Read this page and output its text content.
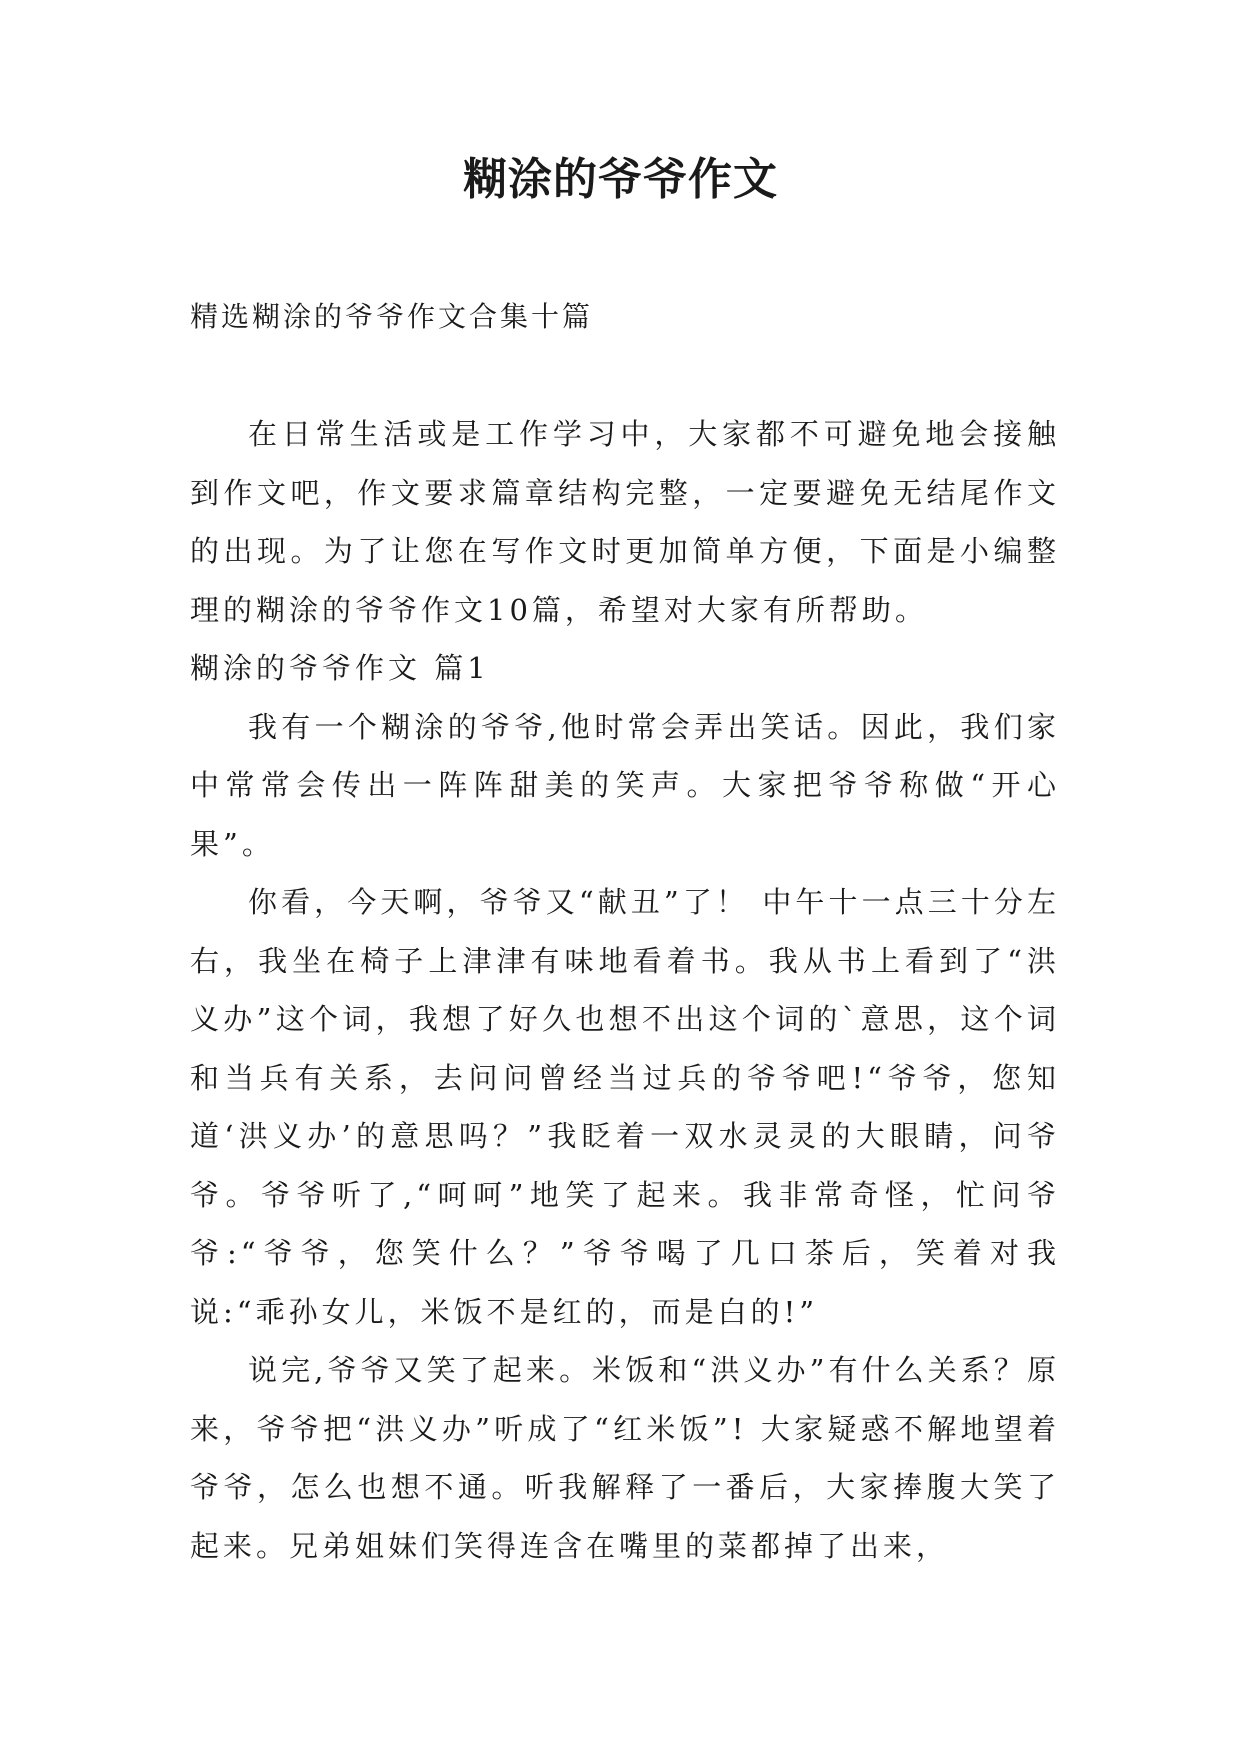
糊涂的爷爷作文
精选糊涂的爷爷作文合集十篇

在日常生活或是工作学习中，大家都不可避免地会接触到作文吧，作文要求篇章结构完整，一定要避免无结尾作文的出现。为了让您在写作文时更加简单方便，下面是小编整理的糊涂的爷爷作文10篇，希望对大家有所帮助。

糊涂的爷爷作文 篇1

我有一个糊涂的爷爷,他时常会弄出笑话。因此，我们家中常常会传出一阵阵甜美的笑声。大家把爷爷称做“开心果”。

你看，今天啊，爷爷又“献丑”了！ 中午十一点三十分左右，我坐在椅子上津津有味地看着书。我从书上看到了“洪义办”这个词，我想了好久也想不出这个词的`意思，这个词和当兵有关系，去问问曾经当过兵的爷爷吧!“爷爷，您知道‘洪义办’的意思吗？”我眨着一双水灵灵的大眼睛，问爷爷。爷爷听了,“呵呵”地笑了起来。我非常奇怪，忙问爷爷:“爷爷，您笑什么？”爷爷喝了几口茶后，笑着对我说:“乖孙女儿，米饭不是红的，而是白的!”

说完,爷爷又笑了起来。米饭和“洪义办”有什么关系？原来，爷爷把“洪义办”听成了“红米饭”! 大家疑惑不解地望着爷爷，怎么也想不通。听我解释了一番后，大家捧腹大笑了起来。兄弟姐妹们笑得连含在嘴里的菜都掉了出来，
